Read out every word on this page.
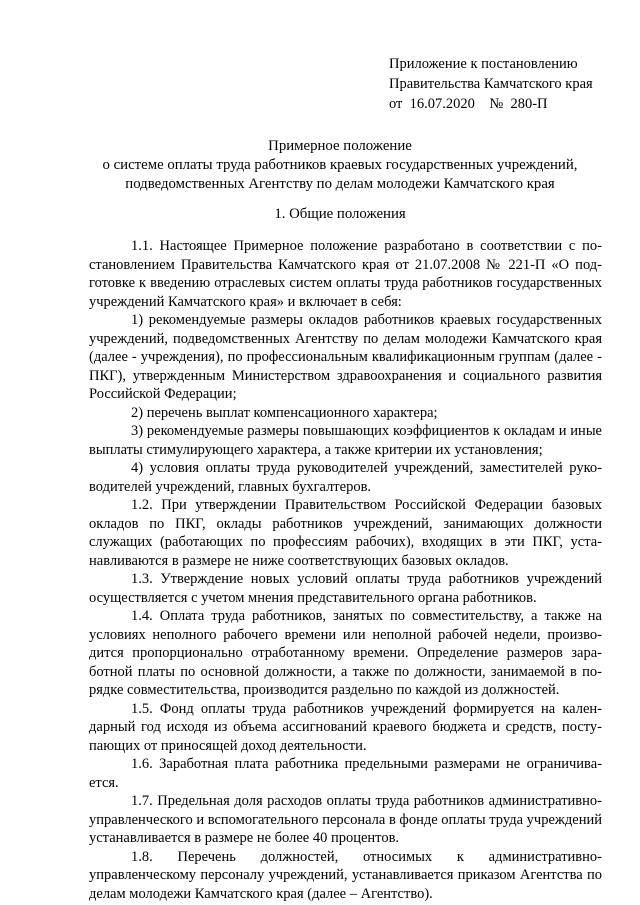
Приложение к постановлению
Правительства Камчатского края
от  16.07.2020    №  280-П
Примерное положение
о системе оплаты труда работников краевых государственных учреждений,
подведомственных Агентству по делам молодежи Камчатского края
1. Общие положения

1.1. Настоящее Примерное положение разработано в соответствии с постановлением Правительства Камчатского края от 21.07.2008 № 221-П «О подготовке к введению отраслевых систем оплаты труда работников государственных учреждений Камчатского края» и включает в себя:

1) рекомендуемые размеры окладов работников краевых государственных учреждений, подведомственных Агентству по делам молодежи Камчатского края (далее - учреждения), по профессиональным квалификационным группам (далее - ПКГ), утвержденным Министерством здравоохранения и социального развития Российской Федерации;

2) перечень выплат компенсационного характера;

3) рекомендуемые размеры повышающих коэффициентов к окладам и иные выплаты стимулирующего характера, а также критерии их установления;

4) условия оплаты труда руководителей учреждений, заместителей руководителей учреждений, главных бухгалтеров.

1.2. При утверждении Правительством Российской Федерации базовых окладов по ПКГ, оклады работников учреждений, занимающих должности служащих (работающих по профессиям рабочих), входящих в эти ПКГ, устанавливаются в размере не ниже соответствующих базовых окладов.

1.3. Утверждение новых условий оплаты труда работников учреждений осуществляется с учетом мнения представительного органа работников.

1.4. Оплата труда работников, занятых по совместительству, а также на условиях неполного рабочего времени или неполной рабочей недели, производится пропорционально отработанному времени. Определение размеров заработной платы по основной должности, а также по должности, занимаемой в порядке совместительства, производится раздельно по каждой из должностей.

1.5. Фонд оплаты труда работников учреждений формируется на календарный год исходя из объема ассигнований краевого бюджета и средств, поступающих от приносящей доход деятельности.

1.6. Заработная плата работника предельными размерами не ограничивается.

1.7. Предельная доля расходов оплаты труда работников административно-управленческого и вспомогательного персонала в фонде оплаты труда учреждений устанавливается в размере не более 40 процентов.

1.8. Перечень должностей, относимых к административно-управленческому персоналу учреждений, устанавливается приказом Агентства по делам молодежи Камчатского края (далее – Агентство).
